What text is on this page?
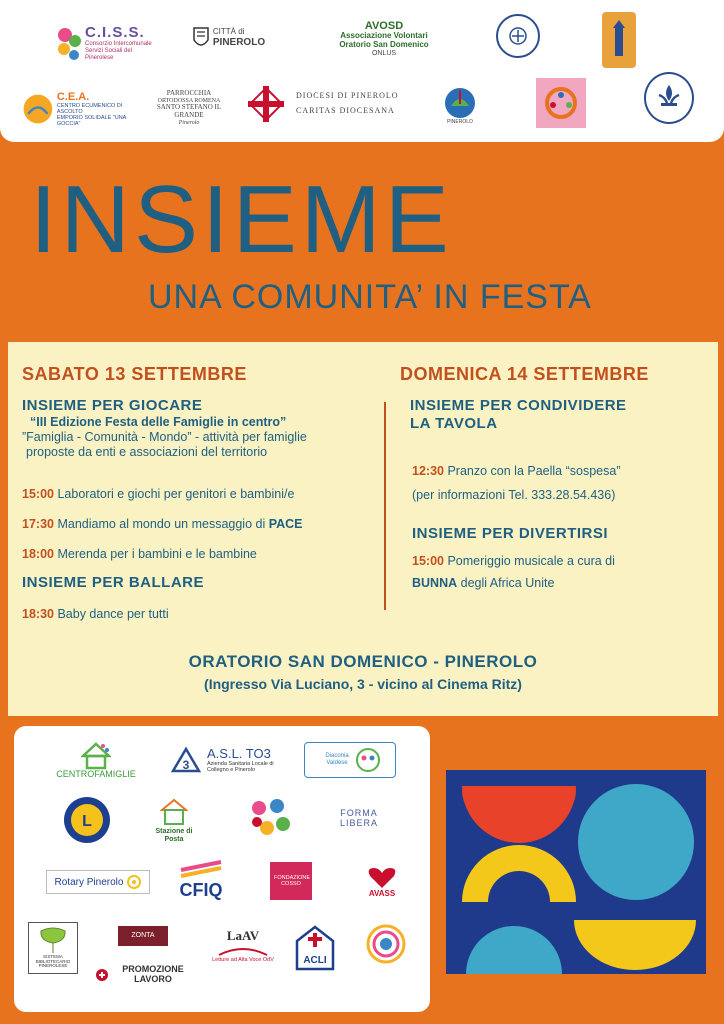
C.I.S.S.
Consorzio Intercomunale Servizi Sociali del Pinerolese
CITTÀ di
PINEROLO
AVOSD
Associazione Volontari Oratorio San Domenico
ONLUS
C.E.A.
CENTRO ECUMENICO DI ASCOLTO
EMPORIO SOLIDALE "UNA GOCCIA"
PARROCCHIA
ORTODOSSA ROMENA
SANTO STEFANO IL GRANDE
Pinerolo
DIOCESI DI PINEROLO
CARITAS DIOCESANA
PINEROLO
INSIEME
UNA COMUNITA’ IN FESTA
SABATO 13 SETTEMBRE
INSIEME PER GIOCARE
“III Edizione Festa delle Famiglie in centro”
”Famiglia - Comunità - Mondo” - attività per famiglie
proposte da enti e associazioni del territorio
15:00 Laboratori e giochi per genitori e bambini/e
17:30 Mandiamo al mondo un messaggio di PACE
18:00 Merenda per i bambini e le bambine
INSIEME PER BALLARE
18:30 Baby dance per tutti
DOMENICA 14 SETTEMBRE
INSIEME PER CONDIVIDERE
LA TAVOLA
12:30 Pranzo con la Paella “sospesa”
(per informazioni Tel. 333.28.54.436)
INSIEME PER DIVERTIRSI
15:00 Pomeriggio musicale a cura di
BUNNA degli Africa Unite
ORATORIO SAN DOMENICO - PINEROLO
(Ingresso Via Luciano, 3 - vicino al Cinema Ritz)
CENTROFAMIGLIE
3
A.S.L. TO3
Azienda Sanitaria Locale di Collegno e Pinerolo
Diaconia Valdese
L
Stazione di Posta
FORMA LIBERA
Rotary Pinerolo	CFIQ
FONDAZIONE COSSO
AVASS
SISTEMA BIBLIOTECARIO PINEROLESE
ZONTA
PROMOZIONE LAVORO
LaAV
Letture ad Alta Voce OdV	ACLI
